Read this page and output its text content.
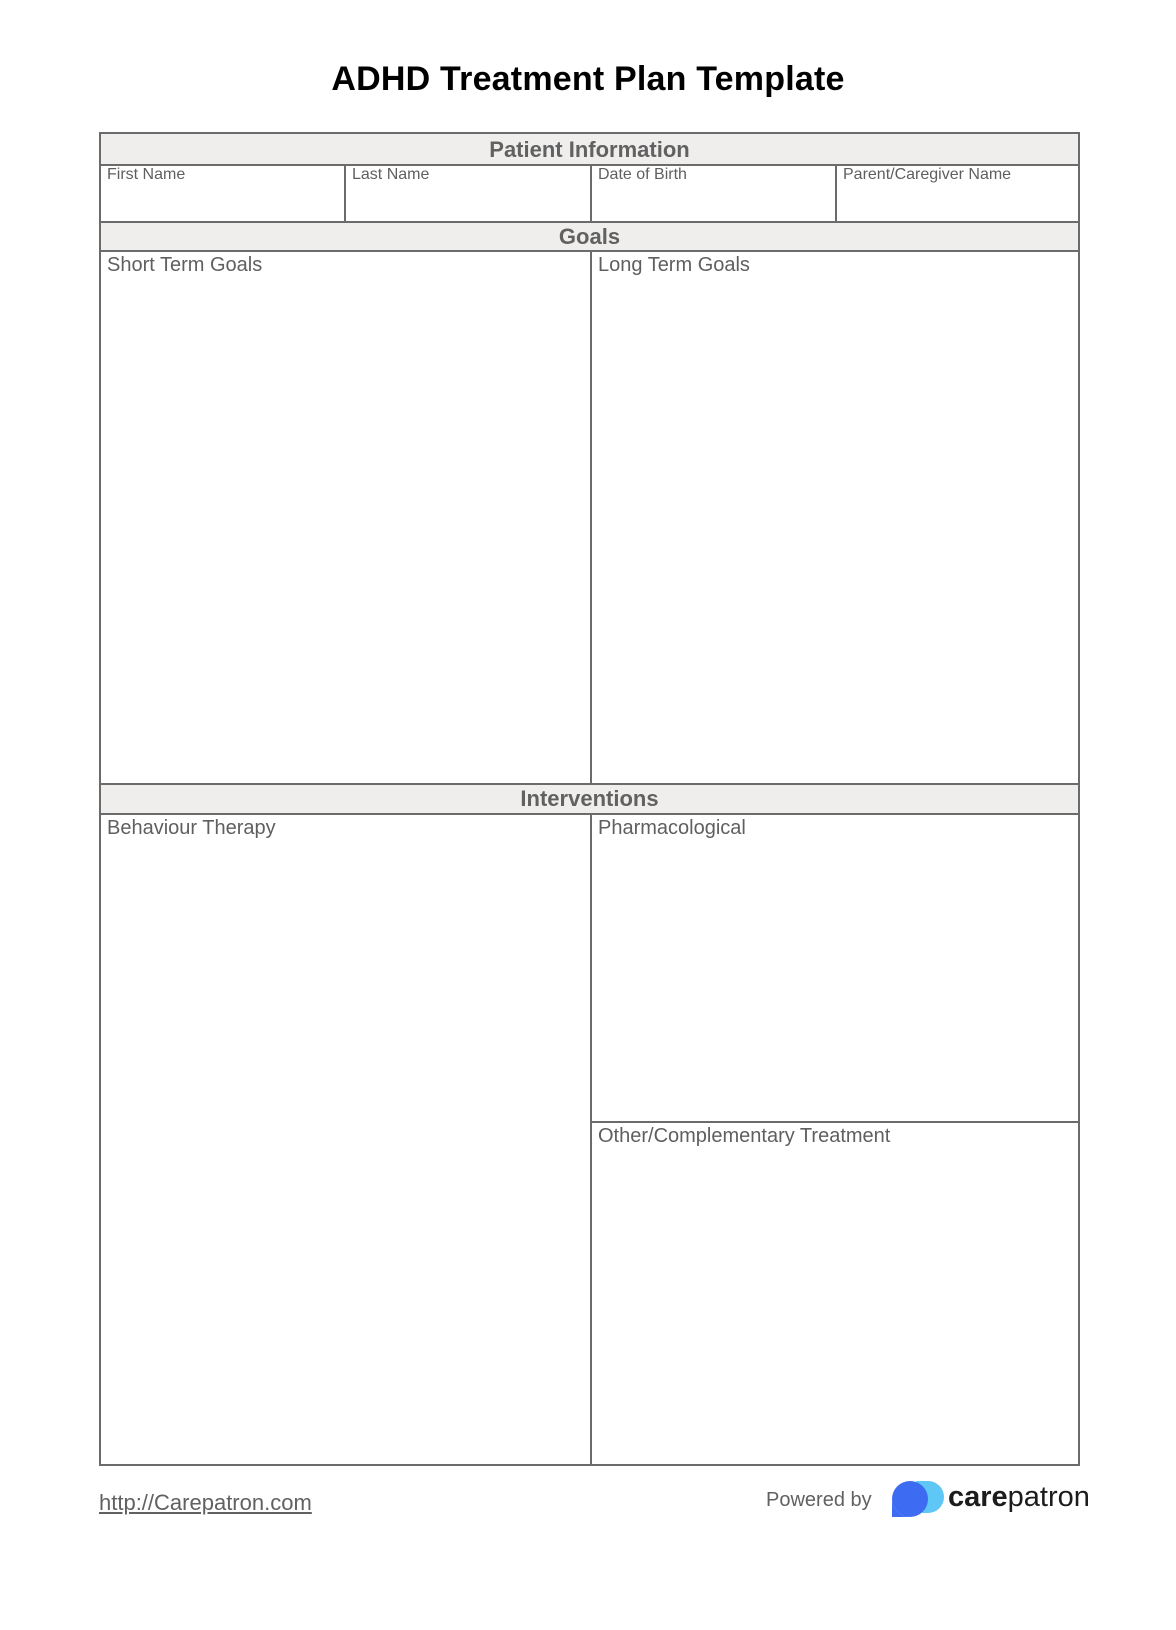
ADHD Treatment Plan Template
Patient Information
First Name	Last Name	Date of Birth	Parent/Caregiver Name
Goals
Short Term Goals	Long Term Goals
Interventions
Behaviour Therapy	Pharmacological
Other/Complementary Treatment
http://Carepatron.com	Powered by	carepatron
